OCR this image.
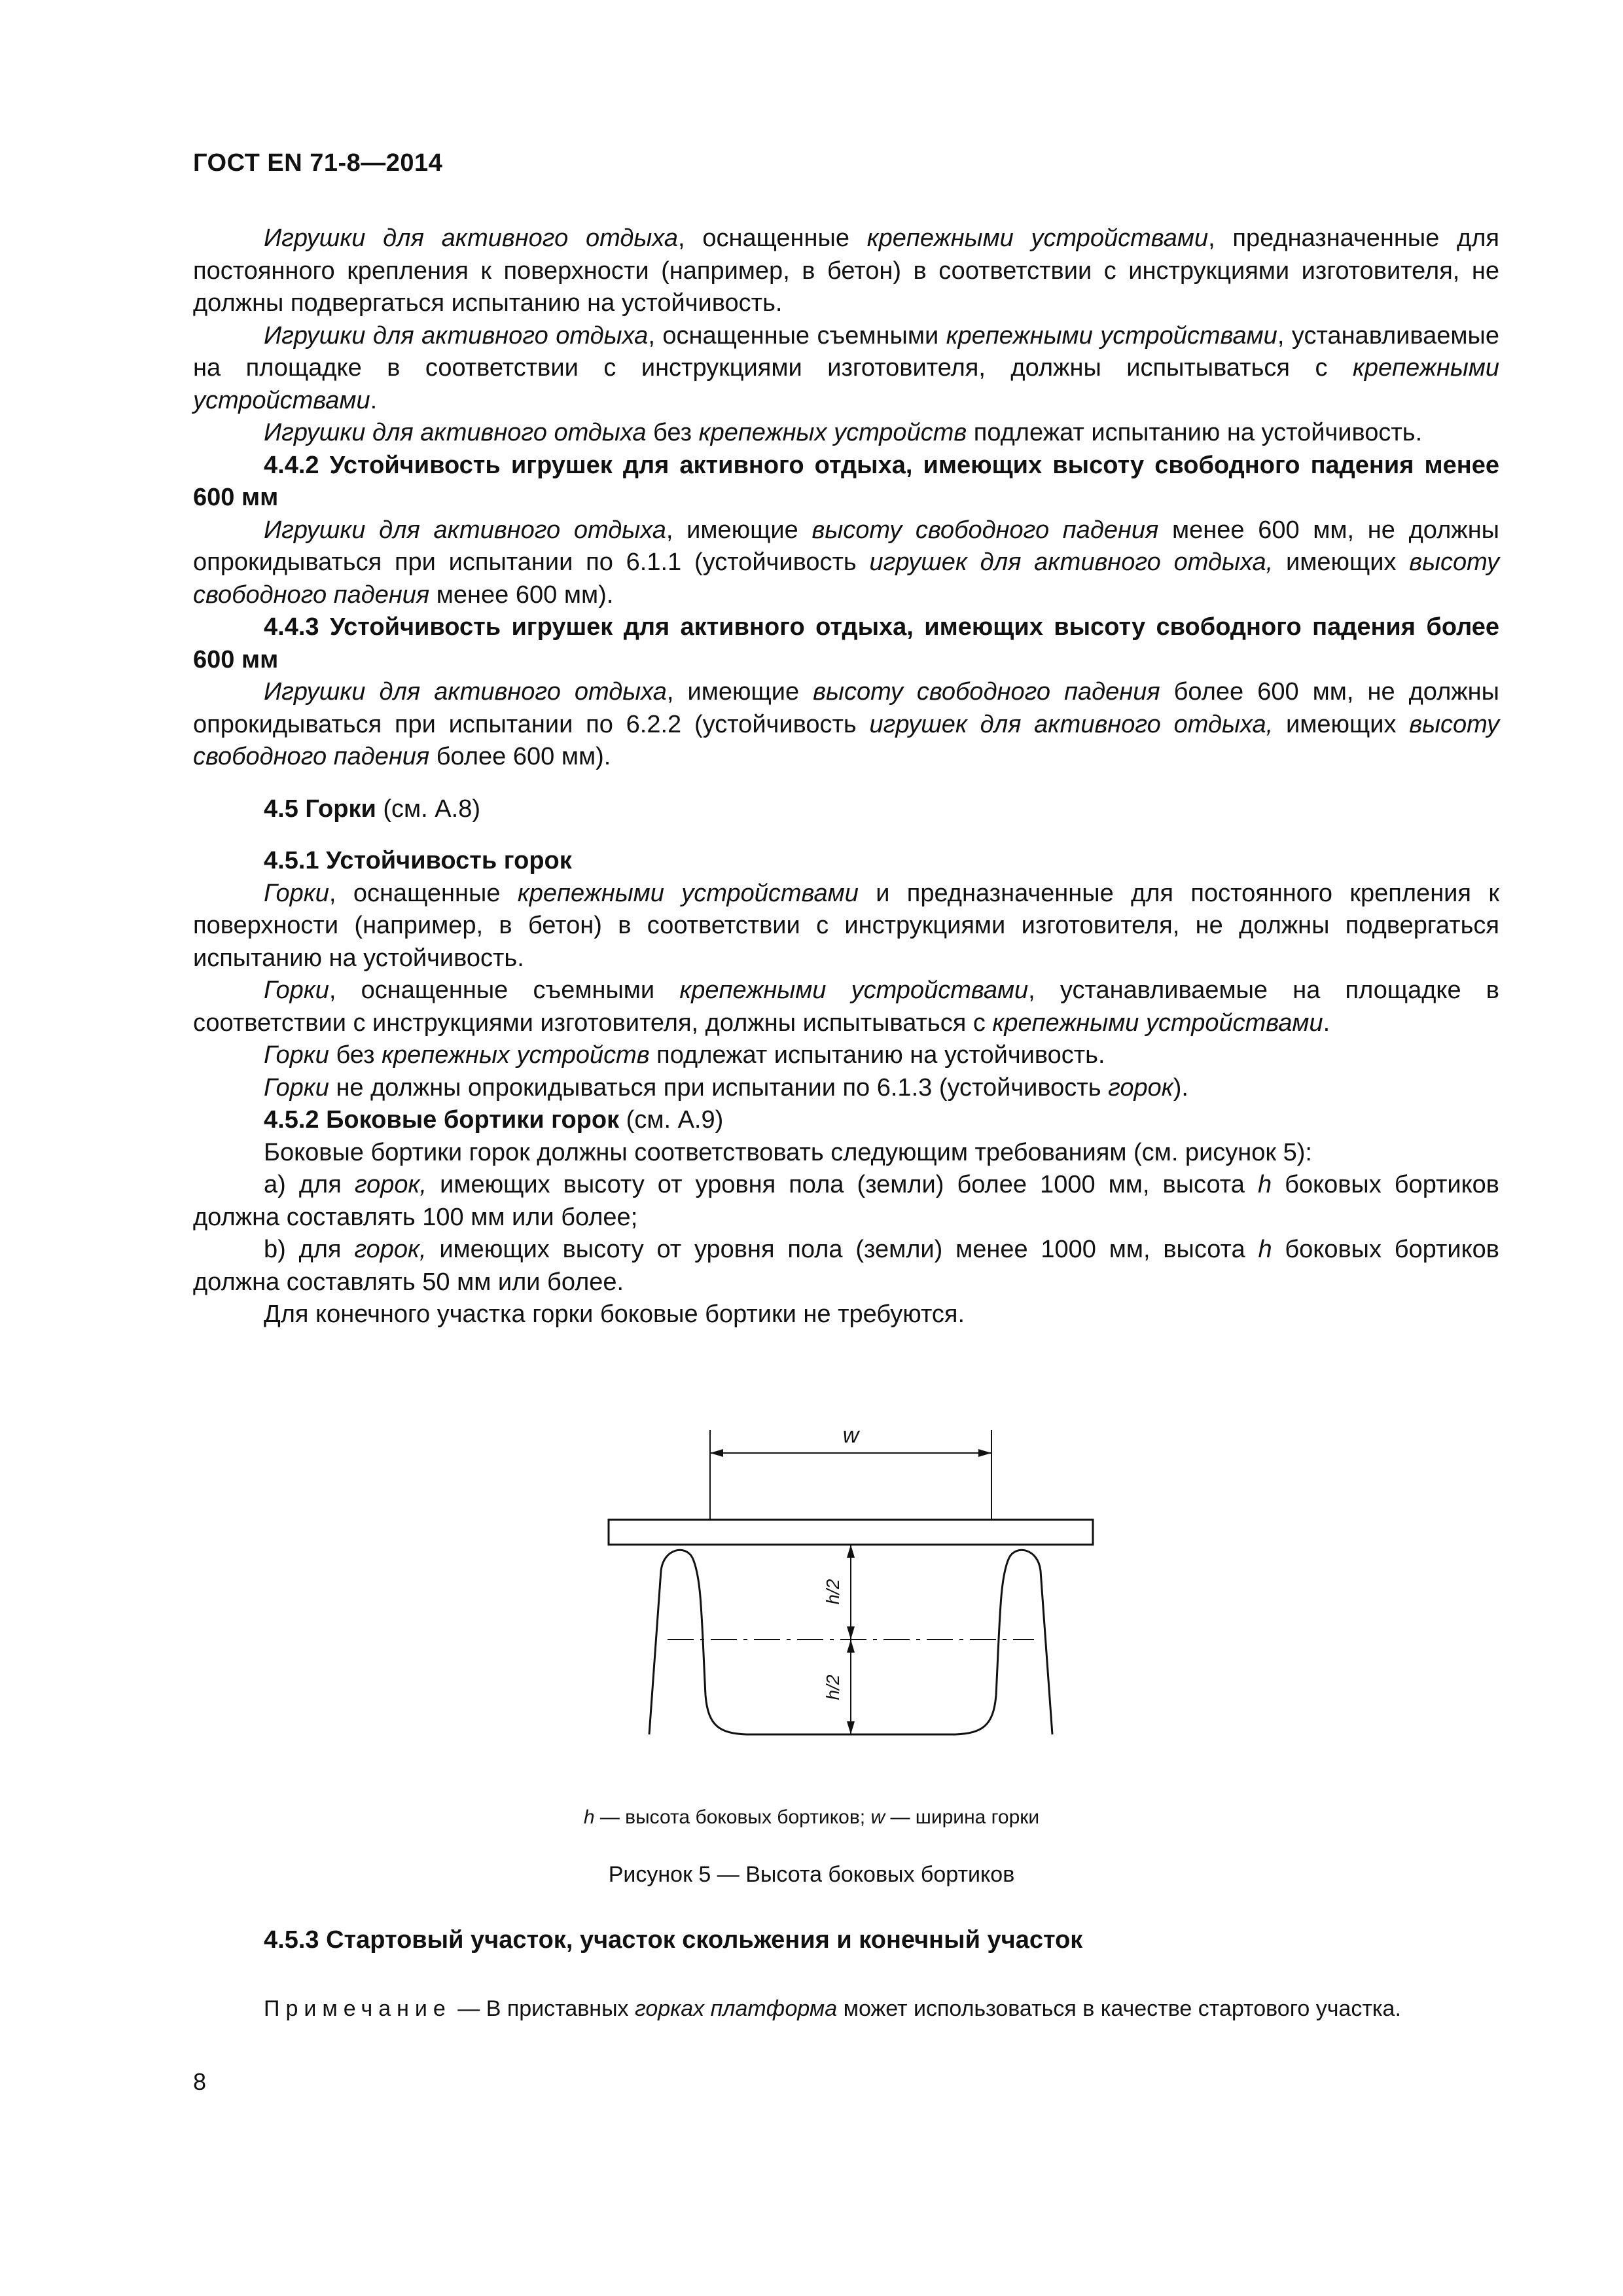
ГОСТ EN 71-8—2014

Игрушки для активного отдыха, оснащенные крепежными устройствами, предназначенные для постоянного крепления к поверхности (например, в бетон) в соответствии с инструкциями изготовителя, не должны подвергаться испытанию на устойчивость.

Игрушки для активного отдыха, оснащенные съемными крепежными устройствами, устанавливаемые на площадке в соответствии с инструкциями изготовителя, должны испытываться с крепежными устройствами.

Игрушки для активного отдыха без крепежных устройств подлежат испытанию на устойчивость.

4.4.2 Устойчивость игрушек для активного отдыха, имеющих высоту свободного падения менее 600 мм

Игрушки для активного отдыха, имеющие высоту свободного падения менее 600 мм, не должны опрокидываться при испытании по 6.1.1 (устойчивость игрушек для активного отдыха, имеющих высоту свободного падения менее 600 мм).

4.4.3 Устойчивость игрушек для активного отдыха, имеющих высоту свободного падения более 600 мм

Игрушки для активного отдыха, имеющие высоту свободного падения более 600 мм, не должны опрокидываться при испытании по 6.2.2 (устойчивость игрушек для активного отдыха, имеющих высоту свободного падения более 600 мм).

4.5 Горки (см. А.8)

4.5.1 Устойчивость горок

Горки, оснащенные крепежными устройствами и предназначенные для постоянного крепления к поверхности (например, в бетон) в соответствии с инструкциями изготовителя, не должны подвергаться испытанию на устойчивость.

Горки, оснащенные съемными крепежными устройствами, устанавливаемые на площадке в соответствии с инструкциями изготовителя, должны испытываться с крепежными устройствами.

Горки без крепежных устройств подлежат испытанию на устойчивость.

Горки не должны опрокидываться при испытании по 6.1.3 (устойчивость горок).

4.5.2 Боковые бортики горок (см. А.9)

Боковые бортики горок должны соответствовать следующим требованиям (см. рисунок 5):

а) для горок, имеющих высоту от уровня пола (земли) более 1000 мм, высота h боковых бортиков должна составлять 100 мм или более;

b) для горок, имеющих высоту от уровня пола (земли) менее 1000 мм, высота h боковых бортиков должна составлять 50 мм или более.

Для конечного участка горки боковые бортики не требуются.

w
h/2
h/2
h — высота боковых бортиков; w — ширина горки
Рисунок 5 — Высота боковых бортиков
4.5.3 Стартовый участок, участок скольжения и конечный участок
Примечание — В приставных горках платформа может использоваться в качестве стартового участка.
8
